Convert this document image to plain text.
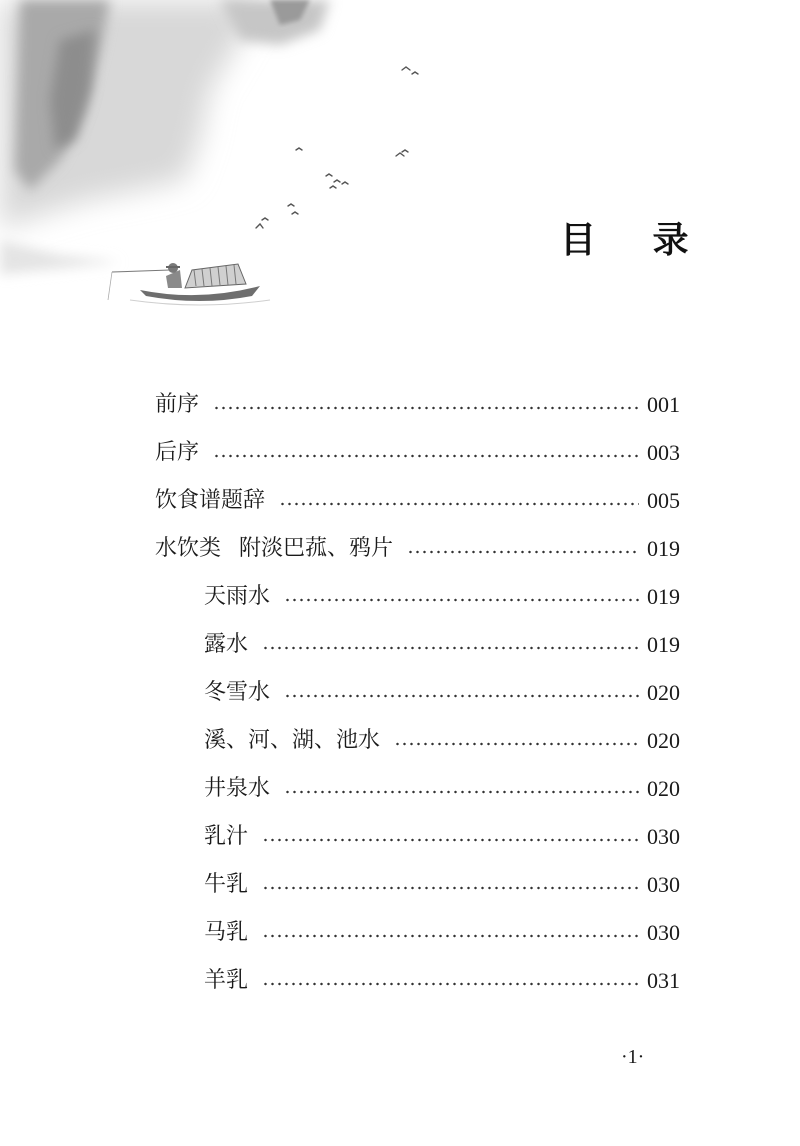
目 录
前序	001
后序	003
饮食谱题辞	005
水饮类 附淡巴菰、鸦片	019
天雨水	019
露水	019
冬雪水	020
溪、河、湖、池水	020
井泉水	020
乳汁	030
牛乳	030
马乳	030
羊乳	031
·1·
